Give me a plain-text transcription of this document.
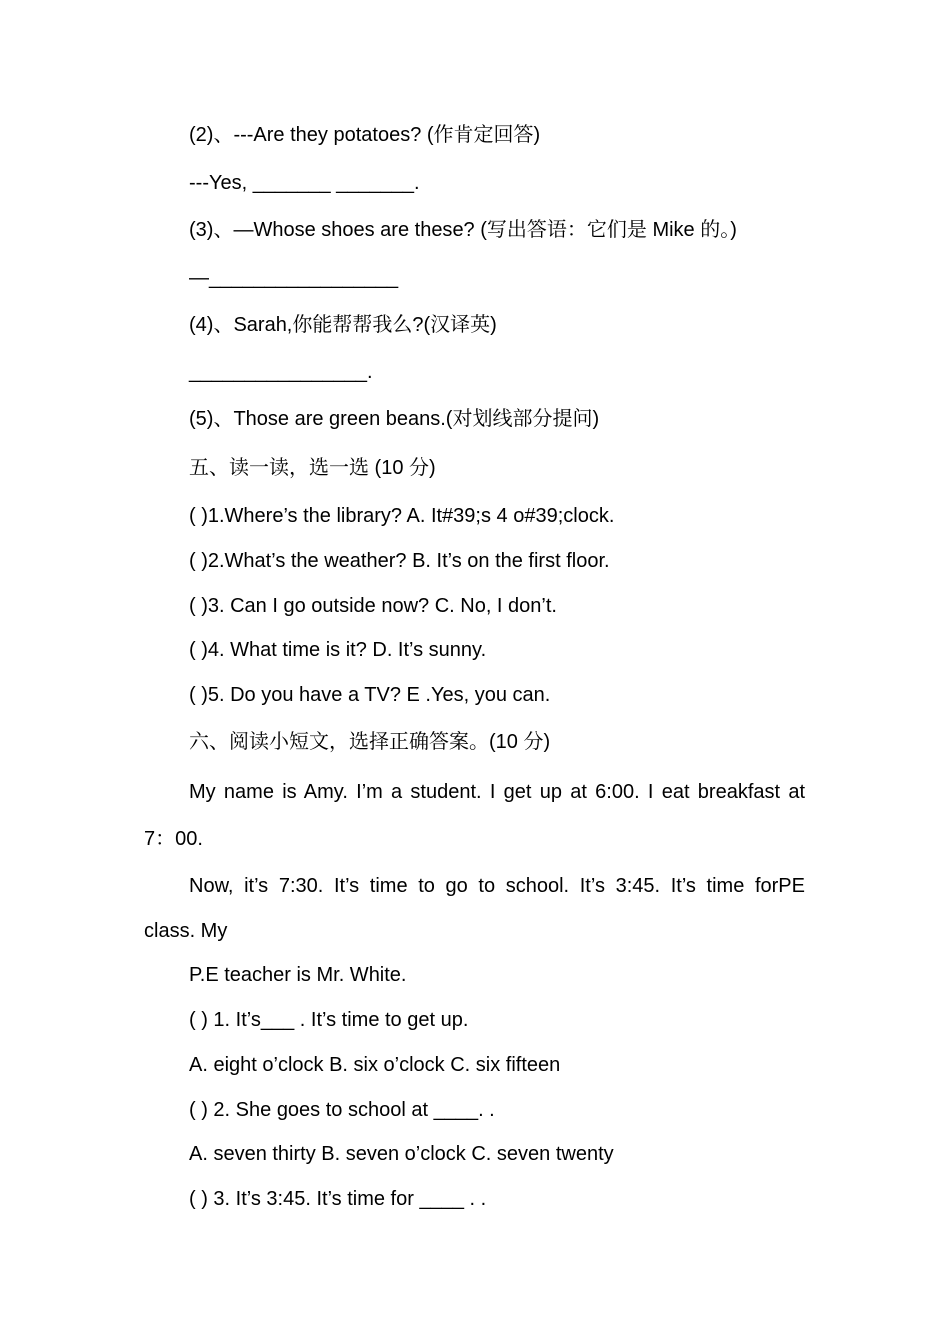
(2)、---Are they potatoes? (作肯定回答)

---Yes, _______ _______.

(3)、—Whose shoes are these? (写出答语：它们是 Mike 的。)

—_________________

(4)、Sarah,你能帮帮我么?(汉译英)

________________.

(5)、Those are green beans.(对划线部分提问)

五、读一读，选一选 (10 分)

( )1.Where’s the library? A. It#39;s 4 o#39;clock.

( )2.What’s the weather? B. It’s on the first floor.

( )3. Can I go outside now? C. No, I don’t.

( )4. What time is it? D. It’s sunny.

( )5. Do you have a TV? E .Yes, you can.

六、阅读小短文，选择正确答案。(10 分)

My name is Amy. I’m a student. I get up at 6:00. I eat breakfast at

7：00.

Now, it’s 7:30. It’s time to go to school. It’s 3:45. It’s time forPE

class. My

P.E teacher is Mr. White.

( ) 1. It’s___ . It’s time to get up.

A. eight o’clock B. six o’clock C. six fifteen

( ) 2. She goes to school at ____. .

A. seven thirty B. seven o’clock C. seven twenty

( ) 3. It’s 3:45. It’s time for ____ . .
